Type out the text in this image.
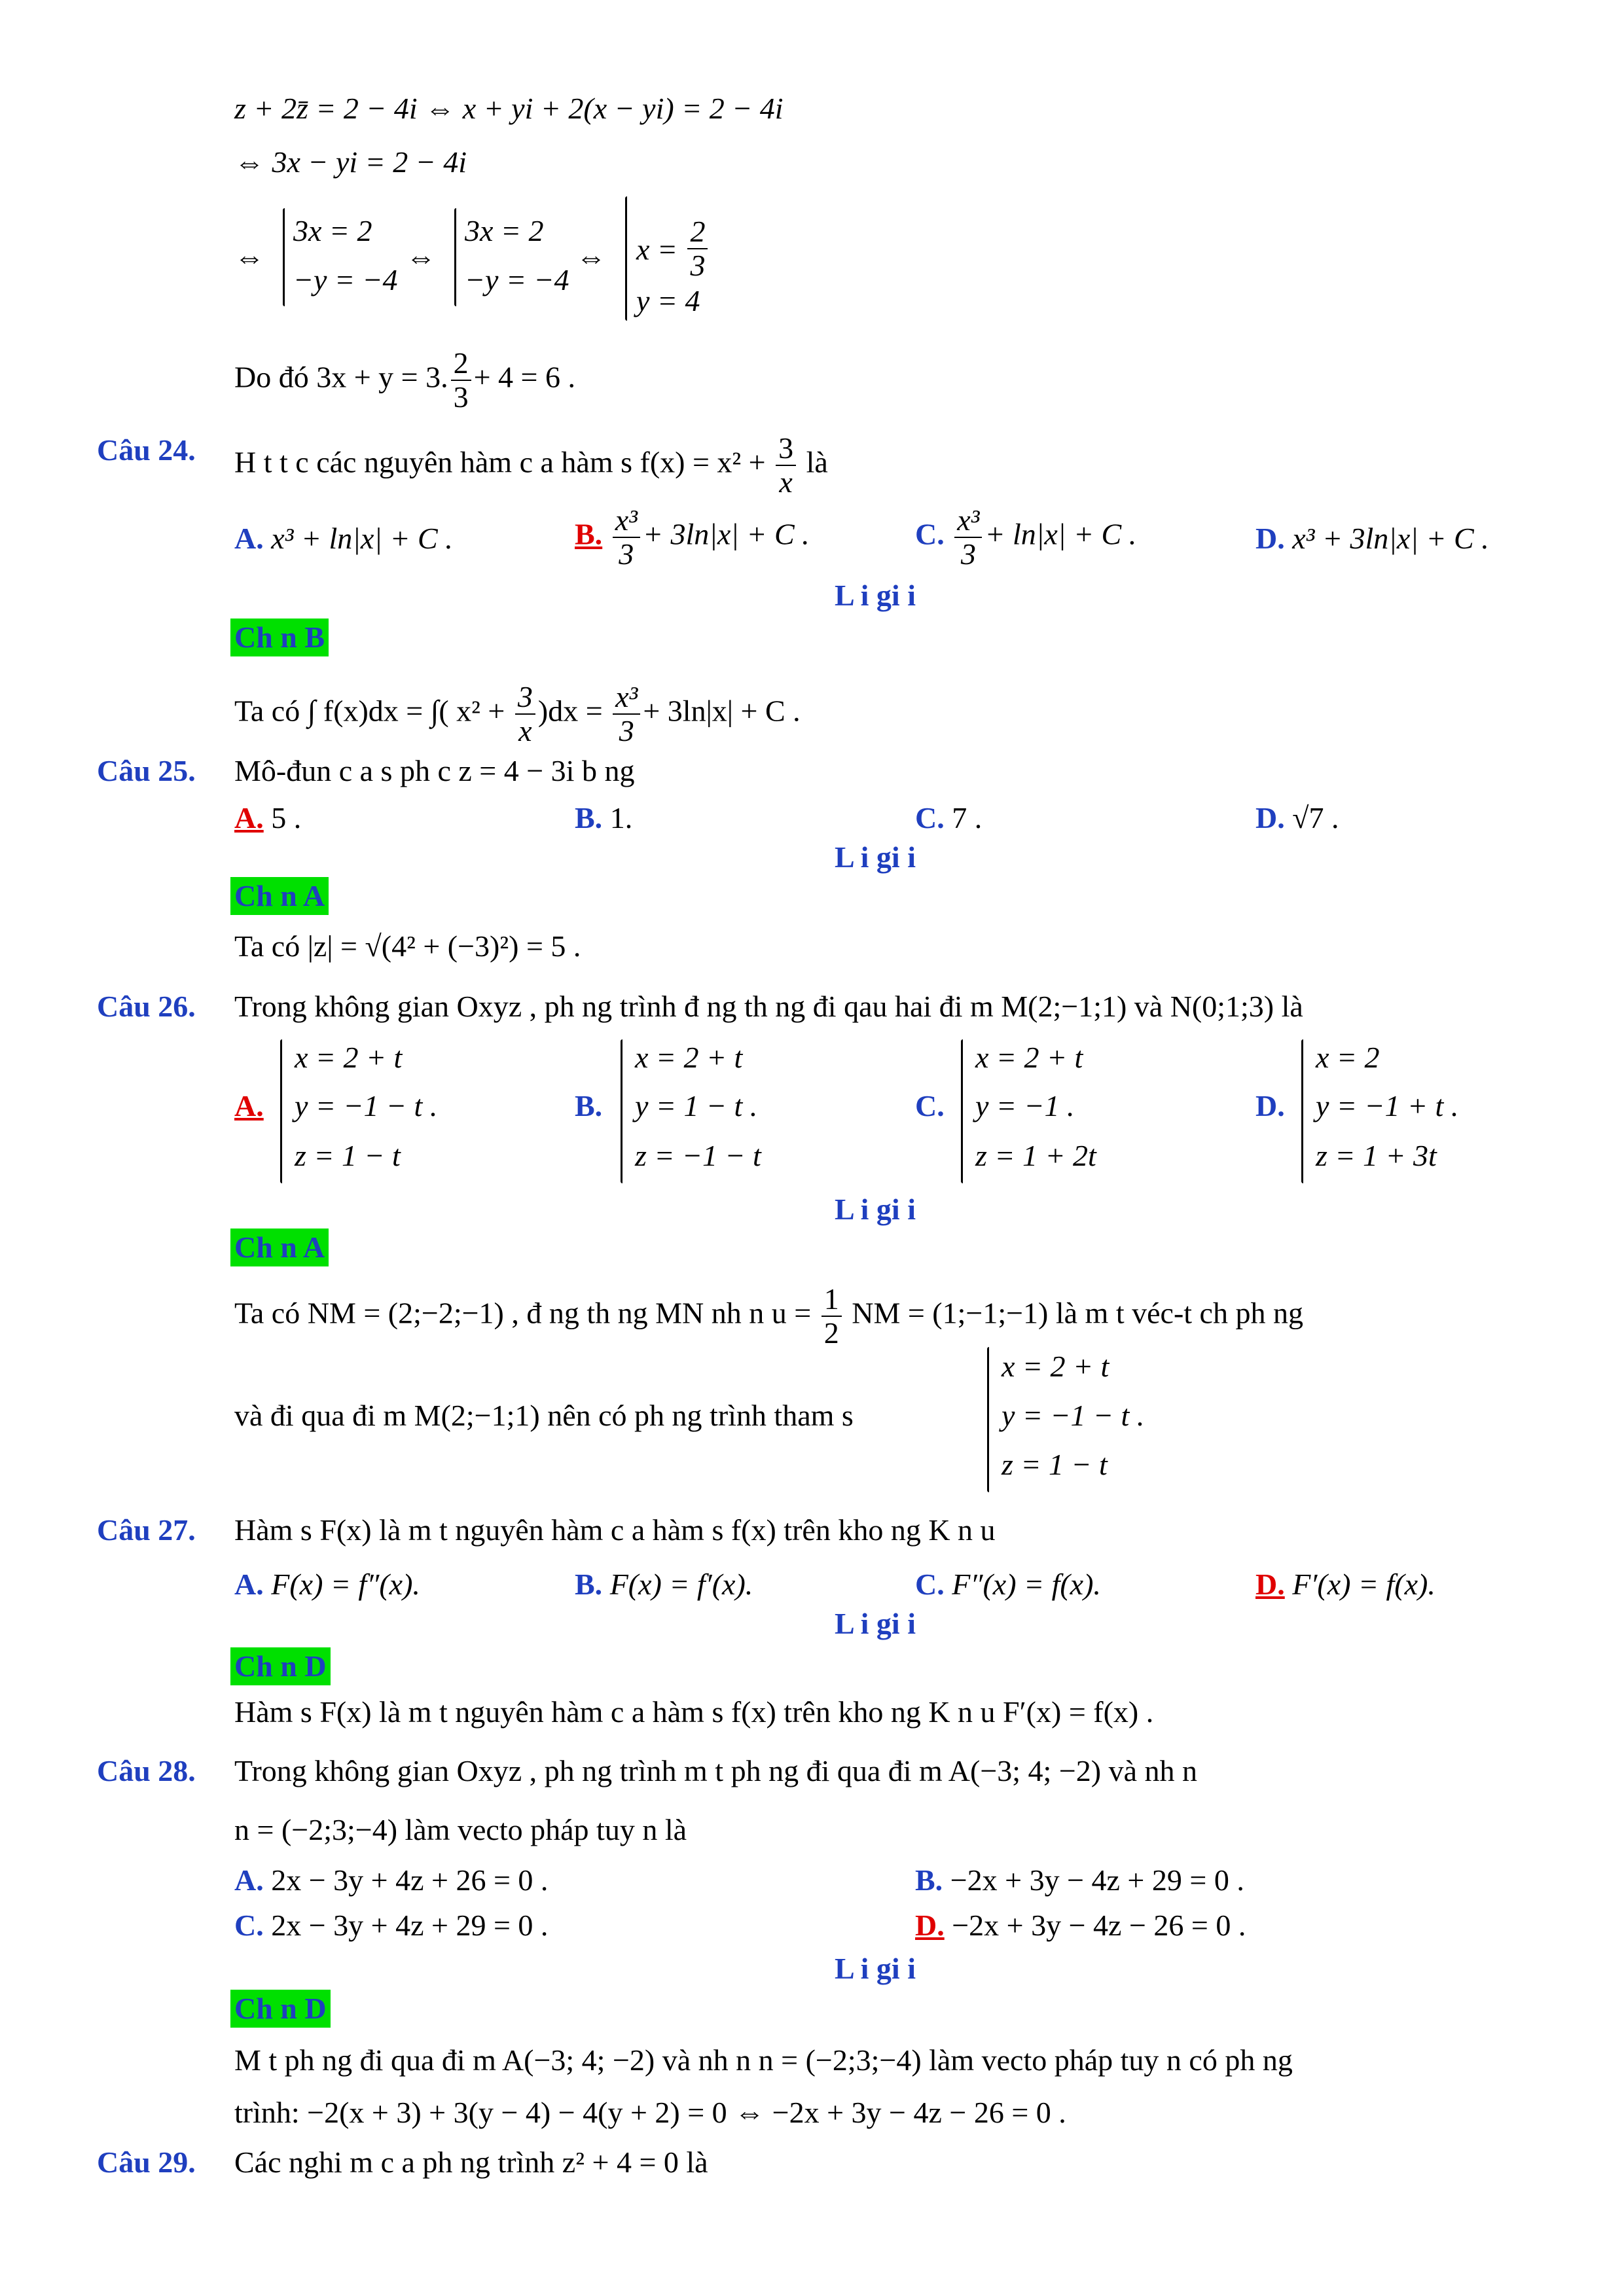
z + 2z̄ = 2 − 4i ⇔ x + yi + 2(x − yi) = 2 − 4i
⇔ 3x − yi = 2 − 4i
⇔
3x = 2
−y = −4
⇔
3x = 2
−y = −4
⇔ $x = \frac{2}{3}$
y = 4
Do đó 3x + y = 3. $\frac{2}{3} + 4 = 6$ .
Câu 24. H t t c các nguyên hàm c a hàm s $f(x) = x^2 + \frac{3}{x}$ là
A. x³ + ln|x| + C .	B. $\frac{\text{x³}}{3} + 3\ln|x| + C$ .	C. $\frac{\text{x³}}{3} + \ln|x| + C$ .	D. x³ + 3ln|x| + C .
L i gi i
Ch n B
Ta có ∫ f(x)dx = ∫( $x^2 + \frac{3}{x} )dx = \frac{\text{x³}}{3} + 3\ln|x| + C$ .
Câu 25. Mô-đun c a s ph c z = 4 − 3i b ng
A. 5 .	B. 1.	C. 7 .	D. √7 .
L i gi i
Ch n A
Ta có |z| = √(4² + (−3)²) = 5 .
Câu 26. Trong không gian Oxyz , ph ng trình đ ng th ng đi qau hai đi m M(2;−1;1) và N(0;1;3) là
A.
x = 2 + t
y = −1 − t .
z = 1 − t
B.
x = 2 + t
y = 1 − t .
z = −1 − t
C.
x = 2 + t
y = −1 .
z = 1 + 2t
D.
x = 2
y = −1 + t .
z = 1 + 3t
L i gi i
Ch n A
Ta có NM = (2;−2;−1) , đ ng th ng MN nh n $u = \frac{1}{2}$ NM = (1;−1;−1) là m t véc-t ch ph ng
và đi qua đi m M(2;−1;1) nên có ph ng trình tham s
x = 2 + t
y = −1 − t .
z = 1 − t
Câu 27. Hàm s F(x) là m t nguyên hàm c a hàm s f(x) trên kho ng K n u
A. F(x) = f″(x).	B. F(x) = f′(x).	C. F″(x) = f(x).	D. F′(x) = f(x).
L i gi i
Ch n D
Hàm s F(x) là m t nguyên hàm c a hàm s f(x) trên kho ng K n u F′(x) = f(x) .
Câu 28. Trong không gian Oxyz , ph ng trình m t ph ng đi qua đi m A(−3; 4; −2) và nh n
n = (−2;3;−4) làm vecto pháp tuy n là
A. 2x − 3y + 4z + 26 = 0 .	B. −2x + 3y − 4z + 29 = 0 .
C. 2x − 3y + 4z + 29 = 0 .	D. −2x + 3y − 4z − 26 = 0 .
L i gi i
Ch n D
M t ph ng đi qua đi m A(−3; 4; −2) và nh n n = (−2;3;−4) làm vecto pháp tuy n có ph ng
trình: −2(x + 3) + 3(y − 4) − 4(y + 2) = 0 ⇔ −2x + 3y − 4z − 26 = 0 .
Câu 29. Các nghi m c a ph ng trình z² + 4 = 0 là
